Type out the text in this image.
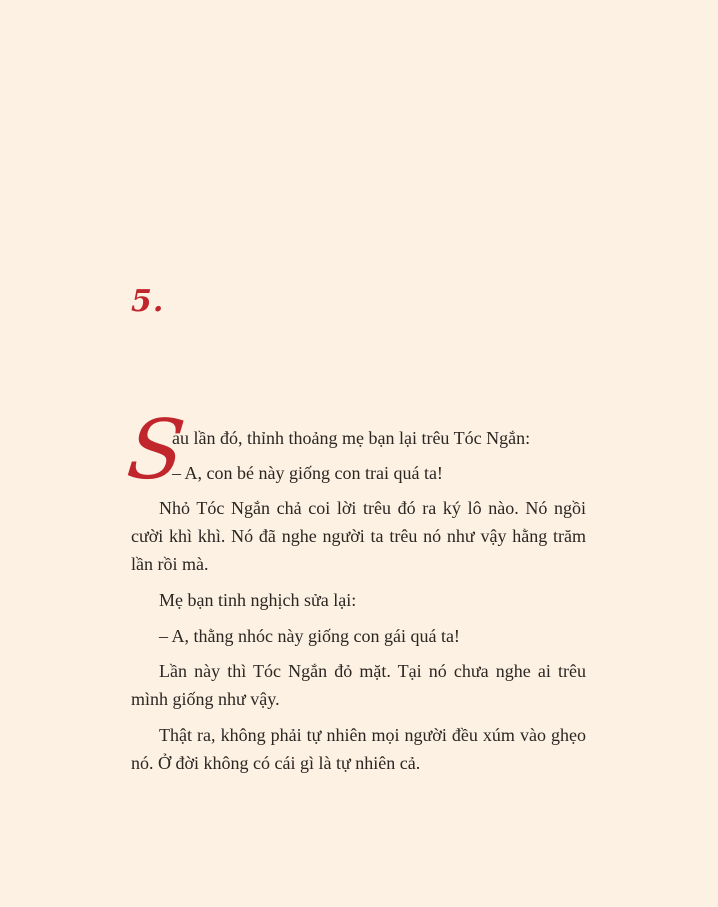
5.
S
au lần đó, thỉnh thoảng mẹ bạn lại trêu Tóc Ngắn:
– A, con bé này giống con trai quá ta!
Nhỏ Tóc Ngắn chả coi lời trêu đó ra ký lô nào. Nó ngồi cười khì khì. Nó đã nghe người ta trêu nó như vậy hằng trăm lần rồi mà.
Mẹ bạn tinh nghịch sửa lại:
– A, thằng nhóc này giống con gái quá ta!
Lần này thì Tóc Ngắn đỏ mặt. Tại nó chưa nghe ai trêu mình giống như vậy.
Thật ra, không phải tự nhiên mọi người đều xúm vào ghẹo nó. Ở đời không có cái gì là tự nhiên cả.
